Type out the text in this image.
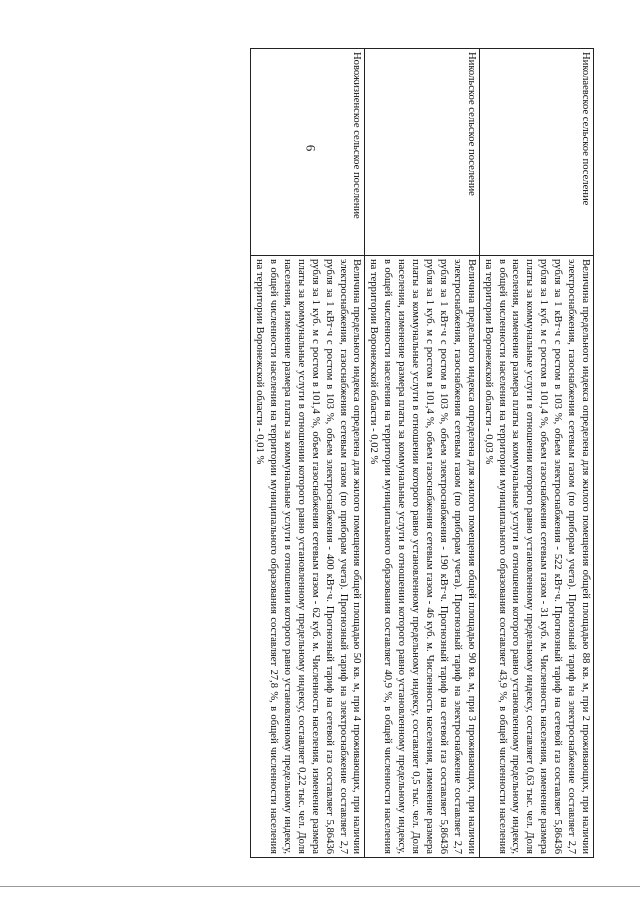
6	Николаевское сельское поселение	Величина предельного индекса определена для жилого помещения общей площадью 88 кв. м, при 2 проживающих, при наличии электроснабжения, газоснабжения сетевым газом (по приборам учета). Прогнозный тариф на электроснабжение составляет 2,7 рубля за 1 кВт·ч с ростом в 103 %, объем электроснабжения - 522 кВт·ч. Прогнозный тариф на сетевой газ составляет 5,86436 рубля за 1 куб. м с ростом в 101,4 %, объем газоснабжения сетевым газом - 31 куб. м. Численность населения, изменение размера платы за коммунальные услуги в отношении которого равно установленному предельному индексу, составляет 0,63 тыс. чел. Доля населения, изменение размера платы за коммунальные услуги в отношении которого равно установленному предельному индексу, в общей численности населения на территории муниципального образования составляет 43,9 %, в общей численности населения на территории Воронежской области - 0,03 %
Никольское сельское поселение	Величина предельного индекса определена для жилого помещения общей площадью 90 кв. м, при 3 проживающих, при наличии электроснабжения, газоснабжения сетевым газом (по приборам учета). Прогнозный тариф на электроснабжение составляет 2,7 рубля за 1 кВт·ч с ростом в 103 %, объем электроснабжения - 190 кВт·ч. Прогнозный тариф на сетевой газ составляет 5,86436 рубля за 1 куб. м с ростом в 101,4 %, объем газоснабжения сетевым газом - 46 куб. м. Численность населения, изменение размера платы за коммунальные услуги в отношении которого равно установленному предельному индексу, составляет 0,5 тыс. чел. Доля населения, изменение размера платы за коммунальные услуги в отношении которого равно установленному предельному индексу, в общей численности населения на территории муниципального образования составляет 40,9 %, в общей численности населения на территории Воронежской области - 0,02 %
Новожизненское сельское поселение	Величина предельного индекса определена для жилого помещения общей площадью 50 кв. м, при 4 проживающих, при наличии электроснабжения, газоснабжения сетевым газом (по приборам учета). Прогнозный тариф на электроснабжение составляет 2,7 рубля за 1 кВт·ч с ростом в 103 %, объем электроснабжения - 400 кВт·ч. Прогнозный тариф на сетевой газ составляет 5,86436 рубля за 1 куб. м с ростом в 101,4 %, объем газоснабжения сетевым газом - 62 куб. м. Численность населения, изменение размера платы за коммунальные услуги в отношении которого равно установленному предельному индексу, составляет 0,22 тыс. чел. Доля населения, изменение размера платы за коммунальные услуги в отношении которого равно установленному предельному индексу, в общей численности населения на территории муниципального образования составляет 27,8 %, в общей численности населения на территории Воронежской области - 0,01 %
